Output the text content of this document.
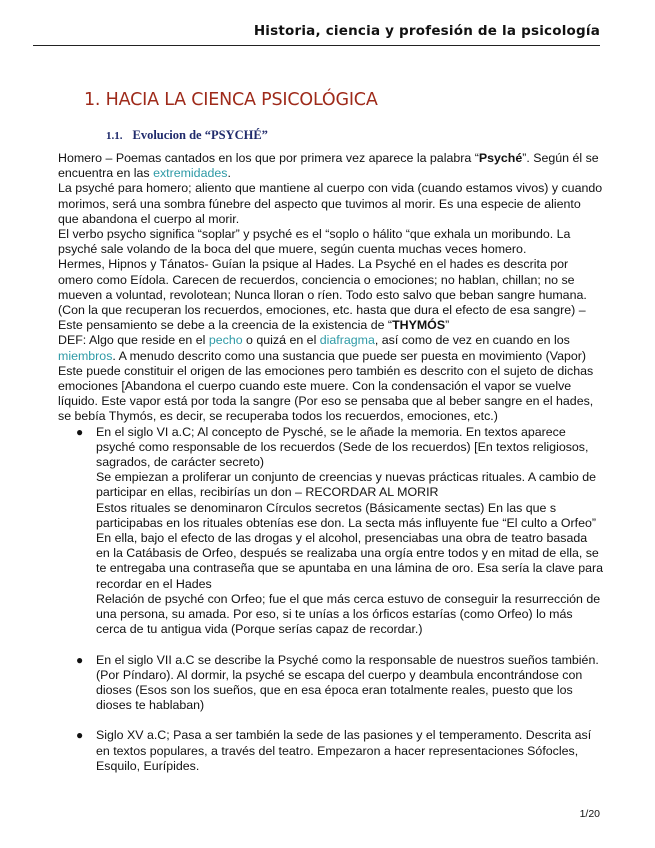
Historia, ciencia y profesión de la psicología
1. HACIA LA CIENCA PSICOLÓGICA
1.1. Evolucion de “PSYCHÉ”

Homero – Poemas cantados en los que por primera vez aparece la palabra “Psyché”. Según él se encuentra en las extremidades.

La psyché para homero; aliento que mantiene al cuerpo con vida (cuando estamos vivos) y cuando morimos, será una sombra fúnebre del aspecto que tuvimos al morir. Es una especie de aliento que abandona el cuerpo al morir.

El verbo psycho significa “soplar” y psyché es el “soplo o hálito “que exhala un moribundo. La psyché sale volando de la boca del que muere, según cuenta muchas veces homero.

Hermes, Hipnos y Tánatos- Guían la psique al Hades. La Psyché en el hades es descrita por omero como Eídola. Carecen de recuerdos, conciencia o emociones; no hablan, chillan; no se mueven a voluntad, revolotean; Nunca lloran o ríen. Todo esto salvo que beban sangre humana. (Con la que recuperan los recuerdos, emociones, etc. hasta que dura el efecto de esa sangre) – Este pensamiento se debe a la creencia de la existencia de “THYMÓS”

DEF: Algo que reside en el pecho o quizá en el diafragma, así como de vez en cuando en los miembros. A menudo descrito como una sustancia que puede ser puesta en movimiento (Vapor) Este puede constituir el origen de las emociones pero también es descrito con el sujeto de dichas emociones [Abandona el cuerpo cuando este muere. Con la condensación el vapor se vuelve líquido. Este vapor está por toda la sangre (Por eso se pensaba que al beber sangre en el hades, se bebía Thymós, es decir, se recuperaba todos los recuerdos, emociones, etc.)

● En el siglo VI a.C; Al concepto de Pysché, se le añade la memoria. En textos aparece psyché como responsable de los recuerdos (Sede de los recuerdos) [En textos religiosos, sagrados, de carácter secreto)

Se empiezan a proliferar un conjunto de creencias y nuevas prácticas rituales. A cambio de participar en ellas, recibirías un don – RECORDAR AL MORIR

Estos rituales se denominaron Círculos secretos (Básicamente sectas) En las que s participabas en los rituales obtenías ese don. La secta más influyente fue “El culto a Orfeo”

En ella, bajo el efecto de las drogas y el alcohol, presenciabas una obra de teatro basada en la Catábasis de Orfeo, después se realizaba una orgía entre todos y en mitad de ella, se te entregaba una contraseña que se apuntaba en una lámina de oro. Esa sería la clave para recordar en el Hades

Relación de psyché con Orfeo; fue el que más cerca estuvo de conseguir la resurrección de una persona, su amada. Por eso, si te unías a los órficos estarías (como Orfeo) lo más cerca de tu antigua vida (Porque serías capaz de recordar.)

● En el siglo VII a.C se describe la Psyché como la responsable de nuestros sueños también. (Por Píndaro). Al dormir, la psyché se escapa del cuerpo y deambula encontrándose con dioses (Esos son los sueños, que en esa época eran totalmente reales, puesto que los dioses te hablaban)

● Siglo XV a.C; Pasa a ser también la sede de las pasiones y el temperamento. Descrita así en textos populares, a través del teatro. Empezaron a hacer representaciones Sófocles, Esquilo, Eurípides.

1/20
